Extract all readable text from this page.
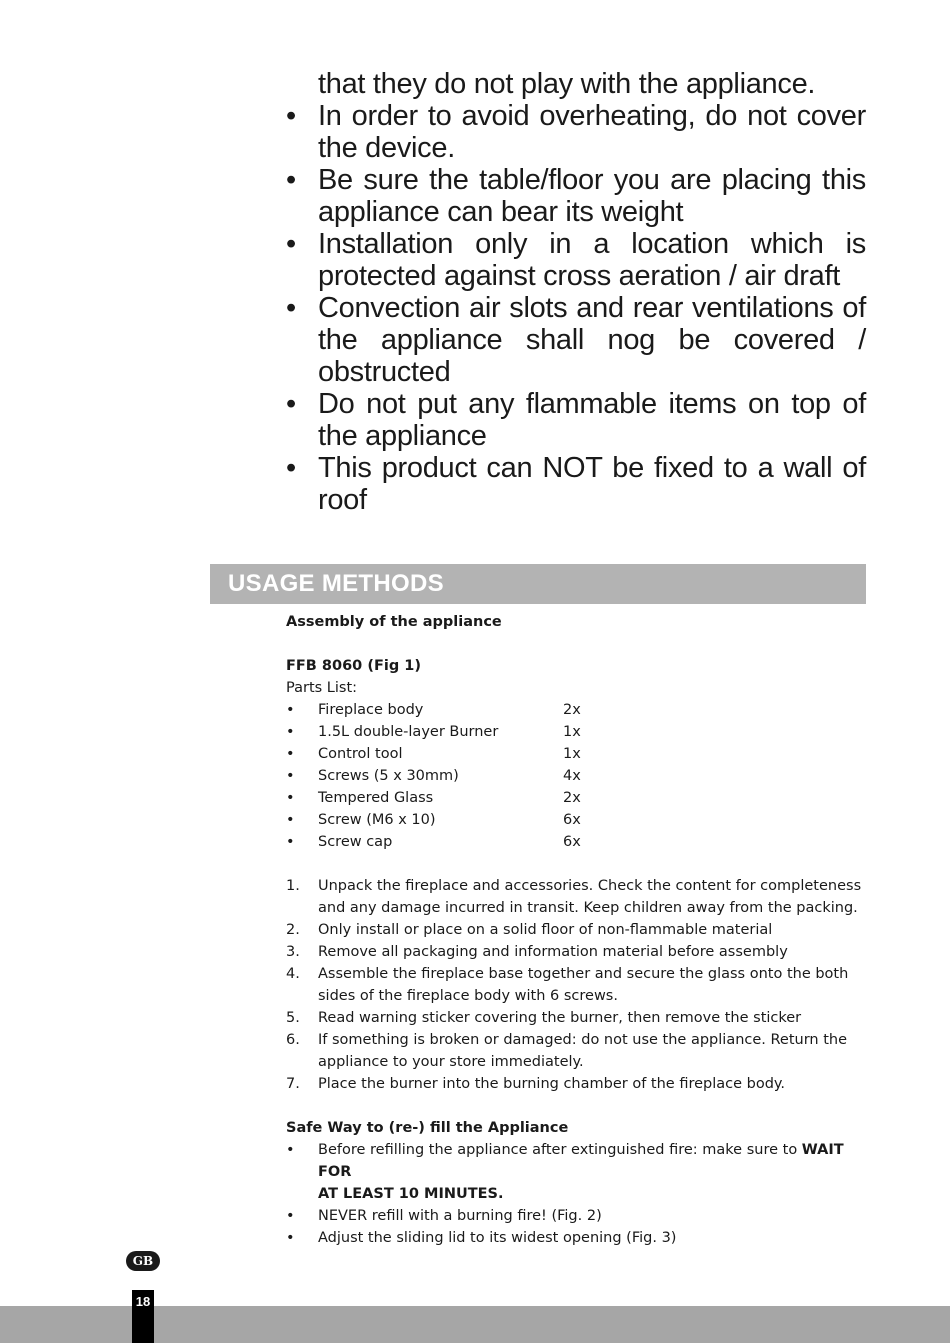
that they do not play with the appliance.
• In order to avoid overheating, do not cover the device.
• Be sure the table/floor you are placing this appliance can bear its weight
• Installation only in a location which is protected against cross aeration / air draft
• Convection air slots and rear ventilations of the appliance shall nog be covered / obstructed
• Do not put any flammable items on top of the appliance
• This product can NOT be fixed to a wall of roof
USAGE METHODS
Assembly of the appliance
FFB 8060 (Fig 1)
Parts List:
• Fireplace body	2x
• 1.5L double-layer Burner	1x
• Control tool	1x
• Screws (5 x 30mm)	4x
• Tempered Glass	2x
• Screw (M6 x 10)	6x
• Screw cap	6x
1. Unpack the fireplace and accessories. Check the content for completeness
and any damage incurred in transit. Keep children away from the packing.
2. Only install or place on a solid floor of non-flammable material
3. Remove all packaging and information material before assembly
4. Assemble the fireplace base together and secure the glass onto the both
sides of the fireplace body with 6 screws.
5. Read warning sticker covering the burner, then remove the sticker
6. If something is broken or damaged: do not use the appliance. Return the
appliance to your store immediately.
7. Place the burner into the burning chamber of the fireplace body.
Safe Way to (re-) fill the Appliance
• Before refilling the appliance after extinguished fire: make sure to WAIT FOR
AT LEAST 10 MINUTES.
• NEVER refill with a burning fire! (Fig. 2)
• Adjust the sliding lid to its widest opening (Fig. 3)
GB
18
